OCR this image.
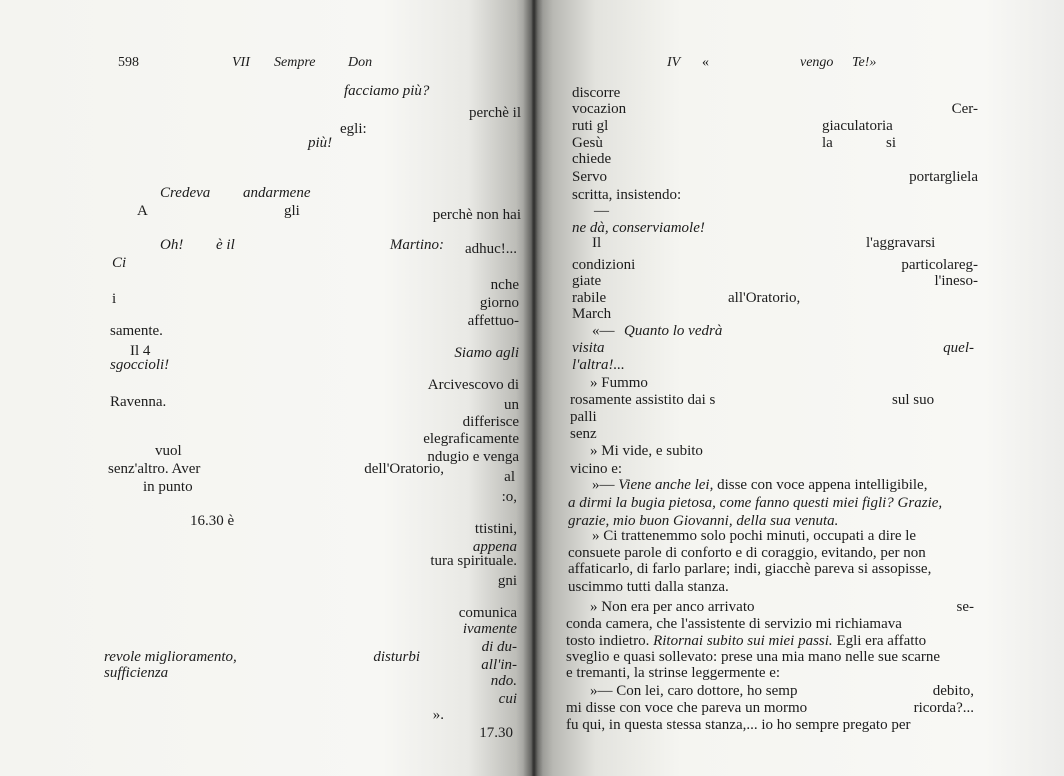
598	VII Sempre Don
facciamo più?
perchè il
egli:
più!
Credeva andarmene
A	gli	perchè non hai
Oh! è il	Martino: adhuc!...
Ci
nche
i	giorno
affettuo-
samente.
Il 4	Siamo agli
sgoccioli!
Arcivescovo di
Ravenna.	un
differisce
elegraficamente
vuol	ndugio e venga
senz'altro. Aver	dell'Oratorio,	al
in punto
:o,
16.30 è	ttistini,
appena
tura spirituale.
gni
comunica
ivamente
di du-
revole miglioramento,	disturbi	all'in-
sufficienza	ndo.
cui
».
17.30
IV «	vengo Te!»
discorre
vocazion	Cer-
ruti gl	giaculatoria
Gesù	la	si
chiede
Servo	portargliela
scritta, insistendo:
—
ne dà, conserviamole!
Il	l'aggravarsi
condizioni	particolareg-
giate	l'ineso-
rabile	all'Oratorio,
March
«— Quanto lo vedrà
visita	quel-
l'altra!...
» Fummo
rosamente assistito dai s	sul suo
palli
senz
» Mi vide, e subito
vicino e:
»— Viene anche lei, disse con voce appena intelligibile,
a dirmi la bugia pietosa, come fanno questi miei figli? Grazie,
grazie, mio buon Giovanni, della sua venuta.
» Ci trattenemmo solo pochi minuti, occupati a dire le
consuete parole di conforto e di coraggio, evitando, per non
affaticarlo, di farlo parlare; indi, giacchè pareva si assopisse,
uscimmo tutti dalla stanza.
» Non era per anco arrivato
conda camera, che l'assistente di servizio mi richiamava
tosto indietro. Ritornai subito sui miei passi. Egli era affatto
sveglio e quasi sollevato: prese una mia mano nelle sue scarne
e tremanti, la strinse leggermente e:
»— Con lei, caro dottore, ho semp
mi disse con voce che pareva un mormo
fu qui, in questa stessa stanza,... io ho sempre pregato per
se-
debito,
ricorda?...
